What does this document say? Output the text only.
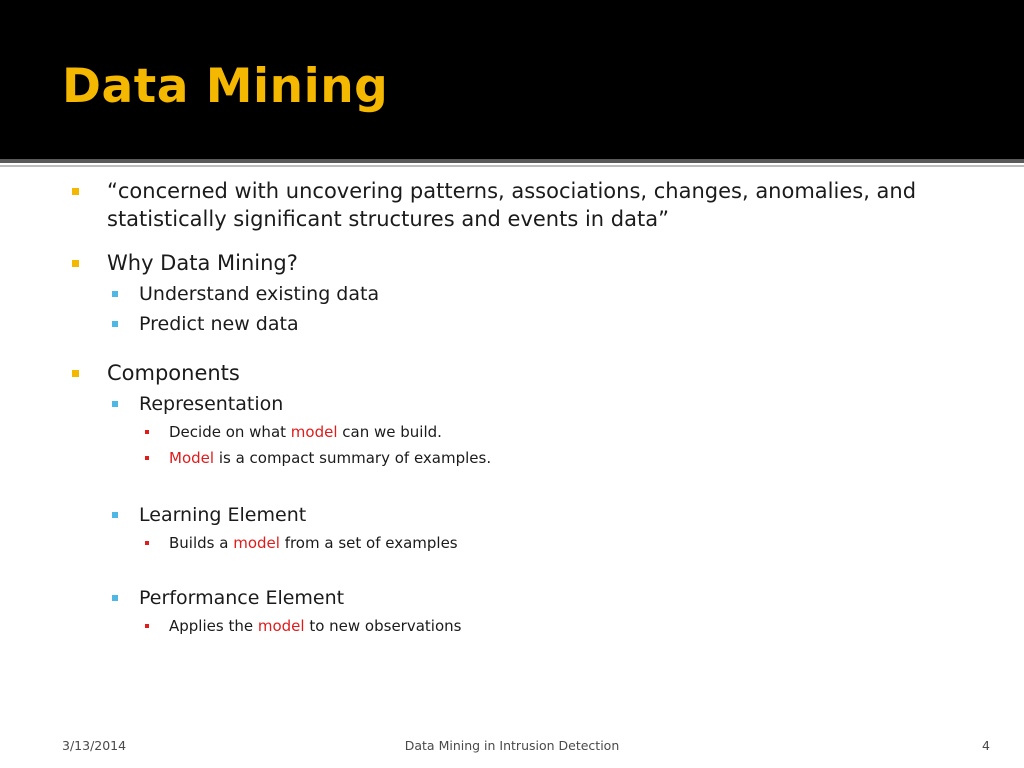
Data Mining
“concerned with uncovering patterns, associations, changes, anomalies, and statistically significant structures and events in data”
Why Data Mining?
Understand existing data
Predict new data
Components
Representation
Decide on what model can we build.
Model is a compact summary of examples.
Learning Element
Builds a model from a set of examples
Performance Element
Applies the model to new observations
3/13/2014	Data Mining in Intrusion Detection	4
